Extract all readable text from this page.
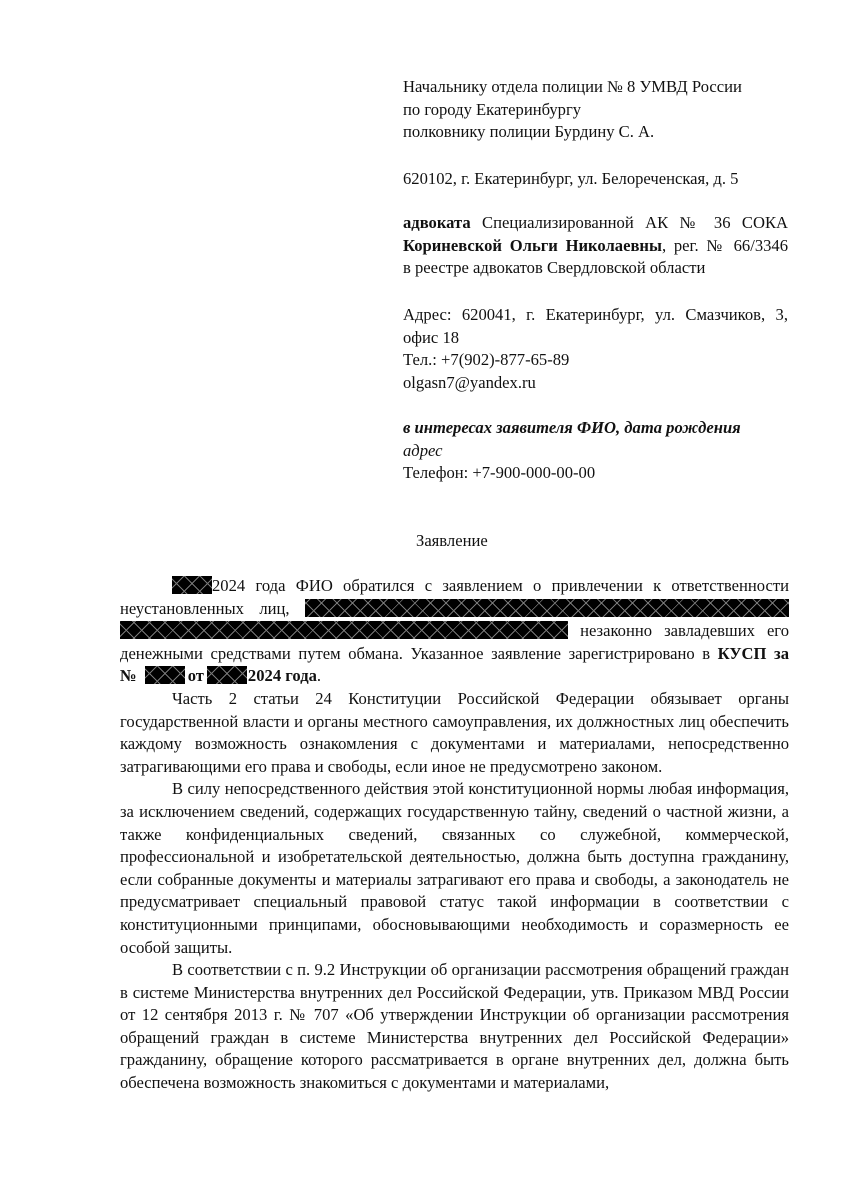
Начальнику отдела полиции № 8 УМВД России

по городу Екатеринбургу

полковнику полиции Бурдину С. А.

620102, г. Екатеринбург, ул. Белореченская, д. 5

адвоката Специализированной АК № 36 СОКА

Кориневской Ольги Николаевны, рег. № 66/3346

в реестре адвокатов Свердловской области

Адрес: 620041, г. Екатеринбург, ул. Смазчиков, 3,

офис 18

Тел.: +7(902)-877-65-89

olgasn7@yandex.ru

в интересах заявителя ФИО, дата рождения

адрес

Телефон: +7-900-000-00-00

Заявление
2024 года ФИО обратился с заявлением о привлечении к ответственности
неустановленных лиц,
незаконно завладевших его
денежными средствами путем обмана. Указанное заявление зарегистрировано в КУСП за
№	от	2024 года.

Часть 2 статьи 24 Конституции Российской Федерации обязывает органы государственной власти и органы местного самоуправления, их должностных лиц обеспечить каждому возможность ознакомления с документами и материалами, непосредственно затрагивающими его права и свободы, если иное не предусмотрено законом.

В силу непосредственного действия этой конституционной нормы любая информация, за исключением сведений, содержащих государственную тайну, сведений о частной жизни, а также конфиденциальных сведений, связанных со служебной, коммерческой, профессиональной и изобретательской деятельностью, должна быть доступна гражданину, если собранные документы и материалы затрагивают его права и свободы, а законодатель не предусматривает специальный правовой статус такой информации в соответствии с конституционными принципами, обосновывающими необходимость и соразмерность ее особой защиты.

В соответствии с п. 9.2 Инструкции об организации рассмотрения обращений граждан в системе Министерства внутренних дел Российской Федерации, утв. Приказом МВД России от 12 сентября 2013 г. № 707 «Об утверждении Инструкции об организации рассмотрения обращений граждан в системе Министерства внутренних дел Российской Федерации» гражданину, обращение которого рассматривается в органе внутренних дел, должна быть обеспечена возможность знакомиться с документами и материалами,
